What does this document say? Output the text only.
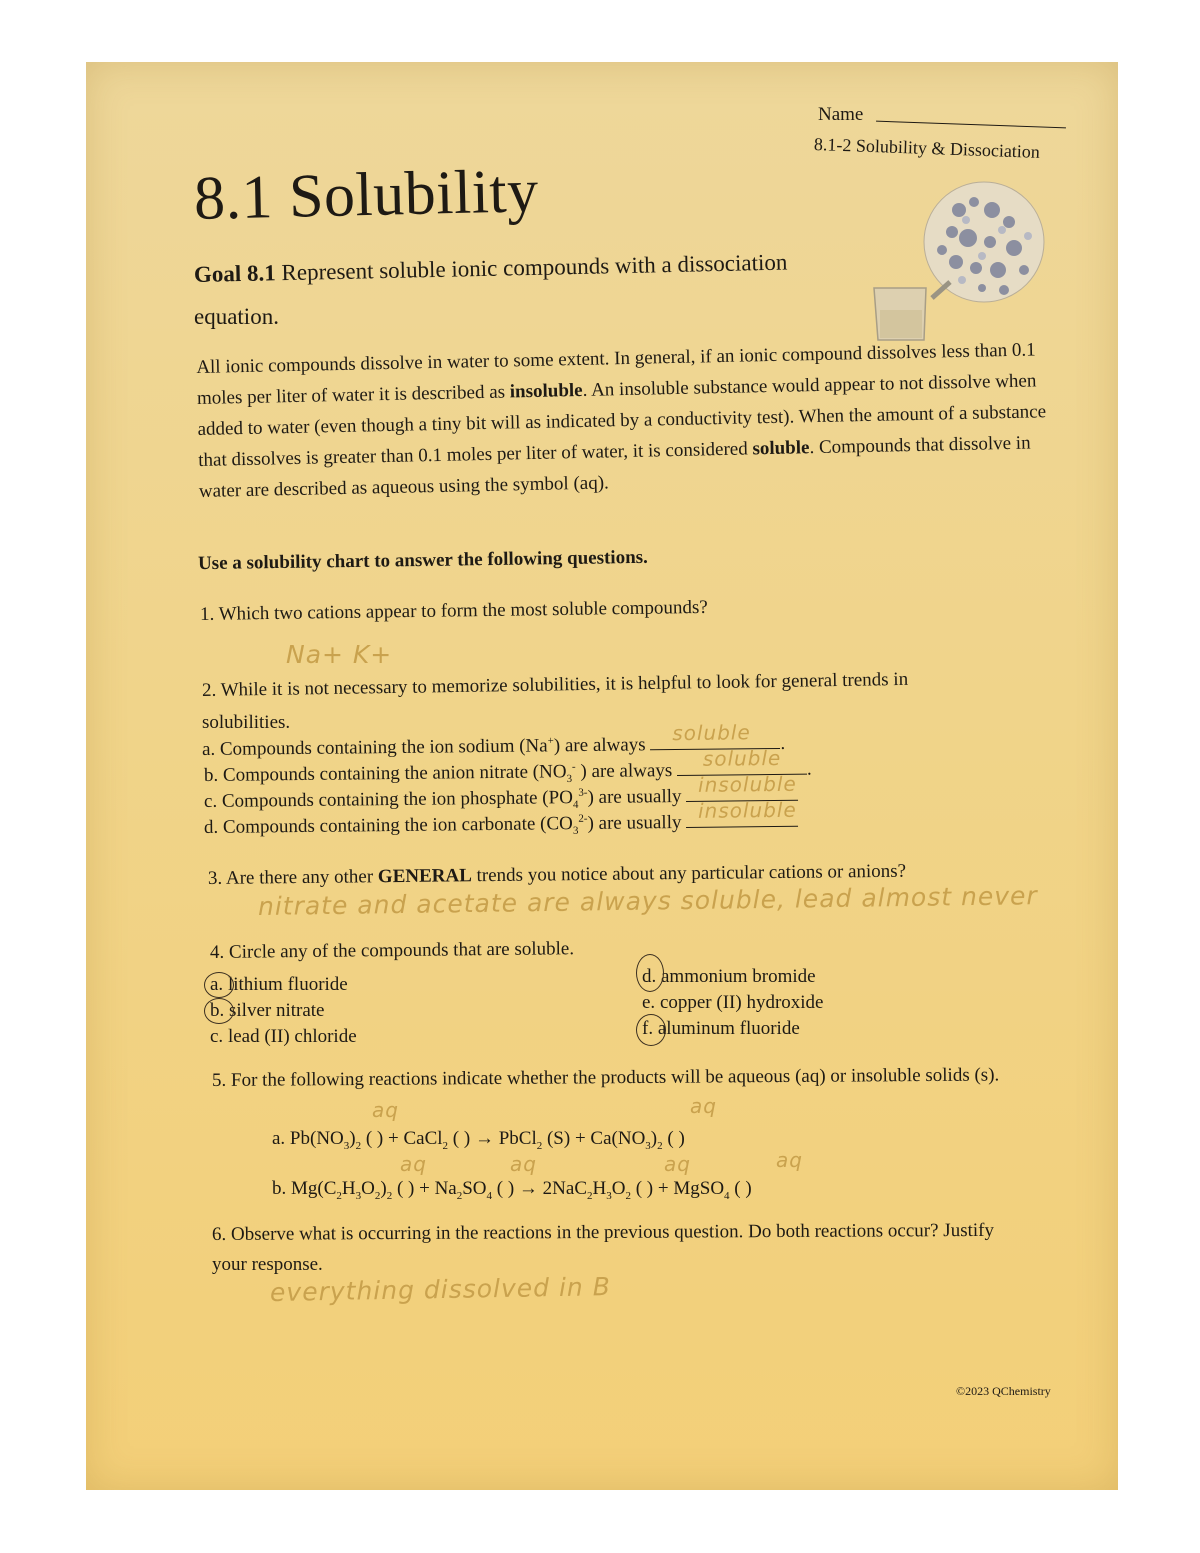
Name
8.1-2 Solubility & Dissociation
8.1 Solubility
Goal 8.1 Represent soluble ionic compounds with a dissociation
equation.
All ionic compounds dissolve in water to some extent. In general, if an ionic compound dissolves less than 0.1 moles per liter of water it is described as insoluble. An insoluble substance would appear to not dissolve when added to water (even though a tiny bit will as indicated by a conductivity test). When the amount of a substance that dissolves is greater than 0.1 moles per liter of water, it is considered soluble. Compounds that dissolve in water are described as aqueous using the symbol (aq).
Use a solubility chart to answer the following questions.
1. Which two cations appear to form the most soluble compounds?
Na+ K+
2. While it is not necessary to memorize solubilities, it is helpful to look for general trends in
solubilities.
a. Compounds containing the ion sodium (Na+) are always
soluble .
b. Compounds containing the anion nitrate ($NO_3^-$ ) are always
soluble .
c. Compounds containing the ion phosphate $(PO_4^{3-})$ are usually
insoluble
d. Compounds containing the ion carbonate $(CO_3^{2-})$ are usually
insoluble
3. Are there any other GENERAL trends you notice about any particular cations or anions?
nitrate and acetate are always soluble, lead almost never
4. Circle any of the compounds that are soluble.
a. lithium fluoride
b. silver nitrate
c. lead (II) chloride
d. ammonium bromide
e. copper (II) hydroxide
f. aluminum fluoride
5. For the following reactions indicate whether the products will be aqueous (aq) or insoluble solids (s).
aq	aq
a. $Pb(NO_3)_2$ ( ) + CaCl$_2$ ( ) → PbCl$_2$ $(S) + Ca(NO_3)_2$ ( )
aq	aq	aq	aq
b. $Mg(C_2H_3O_2)_2$ ( ) + $Na_2SO_4$ ( ) → $2NaC_2H_3O_2$ ( ) + MgSO$_4$ ( )
6. Observe what is occurring in the reactions in the previous question. Do both reactions occur? Justify
your response.
everything dissolved in B
©2023 QChemistry
